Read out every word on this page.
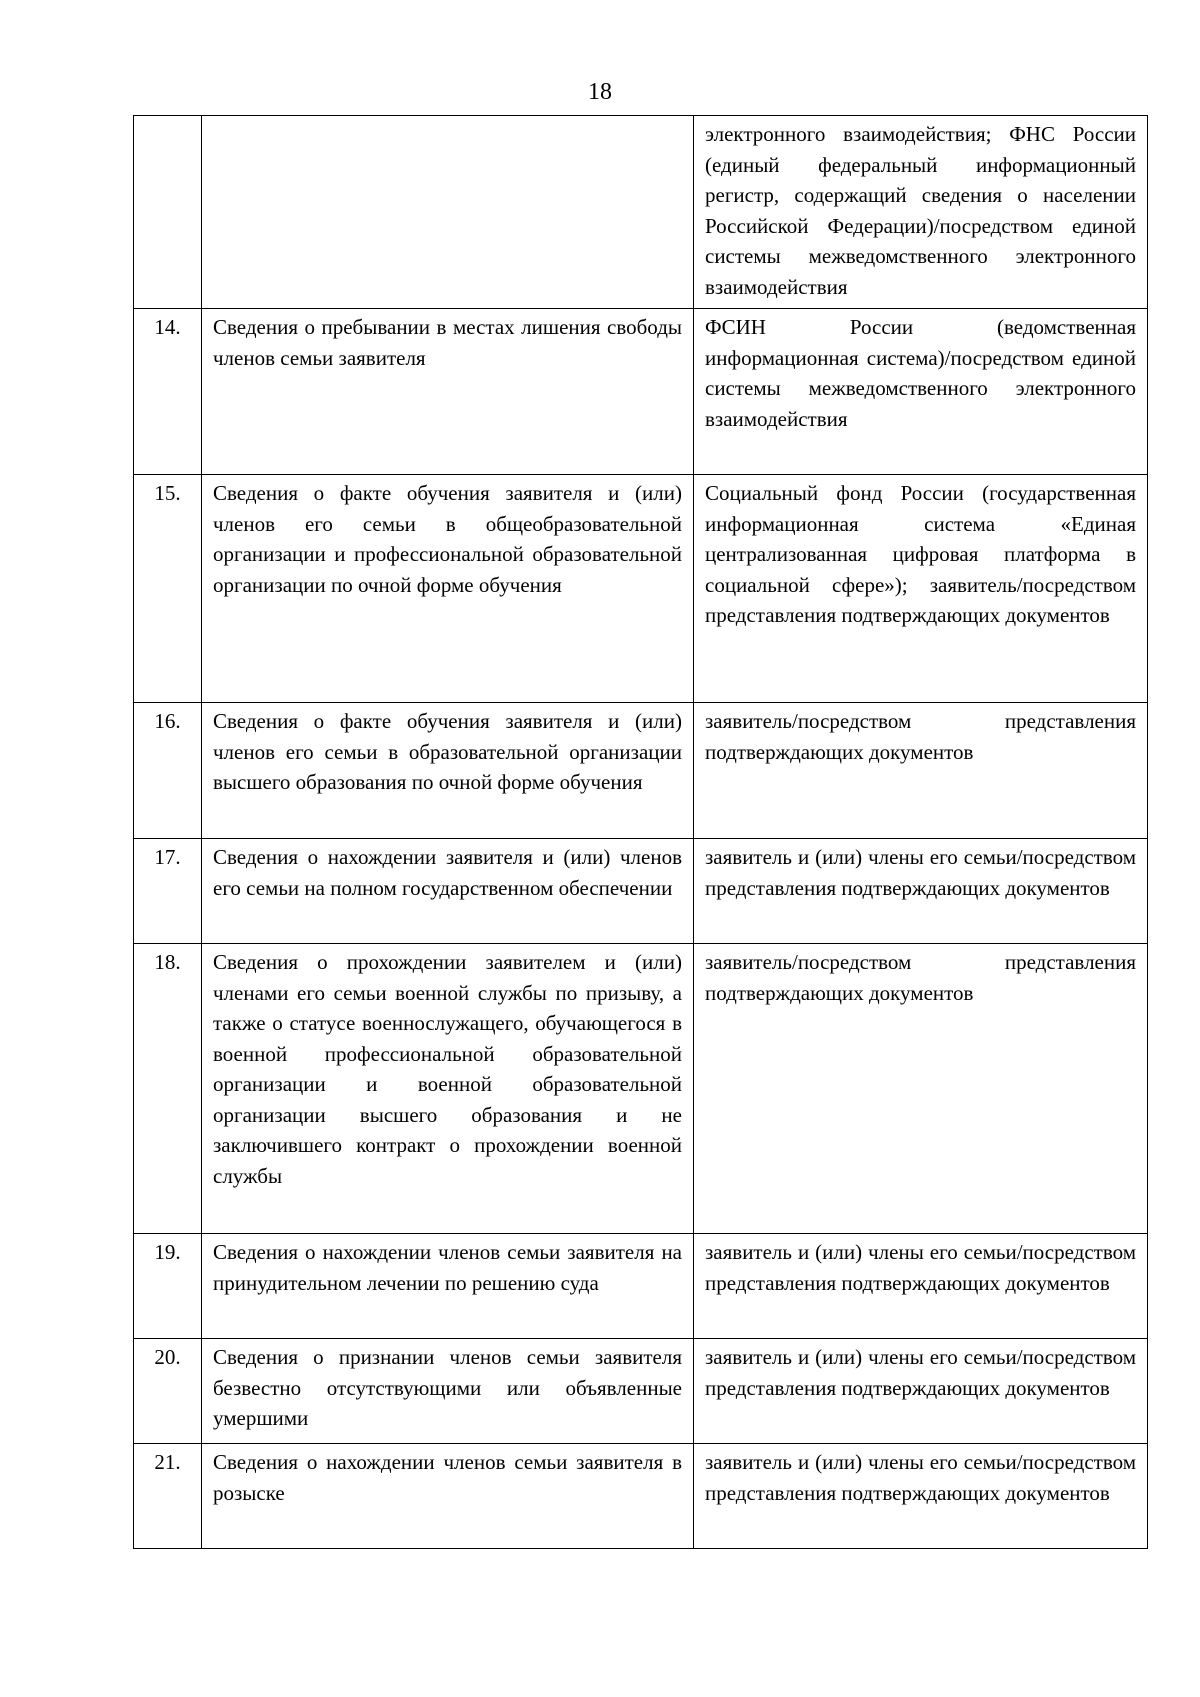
18
		электронного взаимодействия; ФНС России (единый федеральный информационный регистр, содержащий сведения о населении Российской Федерации)/посредством единой системы межведомственного электронного взаимодействия
14.	Сведения о пребывании в местах лишения свободы членов семьи заявителя	ФСИН России (ведомственная информационная система)/посредством единой системы межведомственного электронного взаимодействия
15.	Сведения о факте обучения заявителя и (или) членов его семьи в общеобразовательной организации и профессиональной образовательной организации по очной форме обучения	Социальный фонд России (государственная информационная система «Единая централизованная цифровая платформа в социальной сфере»); заявитель/посредством представления подтверждающих документов
16.	Сведения о факте обучения заявителя и (или) членов его семьи в образовательной организации высшего образования по очной форме обучения	заявитель/посредством представления подтверждающих документов
17.	Сведения о нахождении заявителя и (или) членов его семьи на полном государственном обеспечении	заявитель и (или) члены его семьи/посредством представления подтверждающих документов
18.	Сведения о прохождении заявителем и (или) членами его семьи военной службы по призыву, а также о статусе военнослужащего, обучающегося в военной профессиональной образовательной организации и военной образовательной организации высшего образования и не заключившего контракт о прохождении военной службы	заявитель/посредством представления подтверждающих документов
19.	Сведения о нахождении членов семьи заявителя на принудительном лечении по решению суда	заявитель и (или) члены его семьи/посредством представления подтверждающих документов
20.	Сведения о признании членов семьи заявителя безвестно отсутствующими или объявленные умершими	заявитель и (или) члены его семьи/посредством представления подтверждающих документов
21.	Сведения о нахождении членов семьи заявителя в розыске	заявитель и (или) члены его семьи/посредством представления подтверждающих документов
